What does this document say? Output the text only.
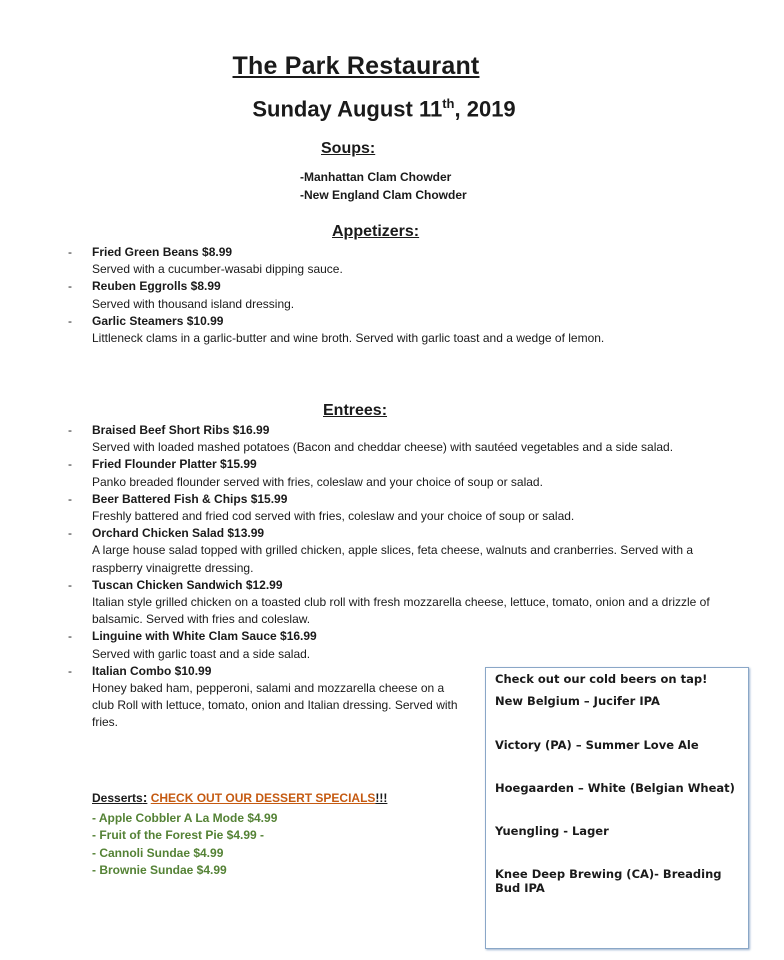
The Park Restaurant
Sunday August 11th, 2019
Soups:
-Manhattan Clam Chowder
-New England Clam Chowder
Appetizers:
- Fried Green Beans $8.99
Served with a cucumber-wasabi dipping sauce.
- Reuben Eggrolls $8.99
Served with thousand island dressing.
- Garlic Steamers $10.99
Littleneck clams in a garlic-butter and wine broth. Served with garlic toast and a wedge of lemon.
Entrees:
- Braised Beef Short Ribs $16.99
Served with loaded mashed potatoes (Bacon and cheddar cheese) with sautéed vegetables and a side salad.
- Fried Flounder Platter $15.99
Panko breaded flounder served with fries, coleslaw and your choice of soup or salad.
- Beer Battered Fish & Chips $15.99
Freshly battered and fried cod served with fries, coleslaw and your choice of soup or salad.
- Orchard Chicken Salad $13.99
A large house salad topped with grilled chicken, apple slices, feta cheese, walnuts and cranberries. Served with a raspberry vinaigrette dressing.
- Tuscan Chicken Sandwich $12.99
Italian style grilled chicken on a toasted club roll with fresh mozzarella cheese, lettuce, tomato, onion and a drizzle of balsamic. Served with fries and coleslaw.
- Linguine with White Clam Sauce $16.99
Served with garlic toast and a side salad.
- Italian Combo $10.99
Honey baked ham, pepperoni, salami and mozzarella cheese on a club Roll with lettuce, tomato, onion and Italian dressing. Served with fries.
Desserts: CHECK OUT OUR DESSERT SPECIALS!!!
- Apple Cobbler A La Mode $4.99
- Fruit of the Forest Pie $4.99 -
- Cannoli Sundae $4.99
- Brownie Sundae $4.99
Check out our cold beers on tap!
New Belgium – Jucifer IPA
Victory (PA) – Summer Love Ale
Hoegaarden – White (Belgian Wheat)
Yuengling - Lager
Knee Deep Brewing (CA)- Breading Bud IPA
